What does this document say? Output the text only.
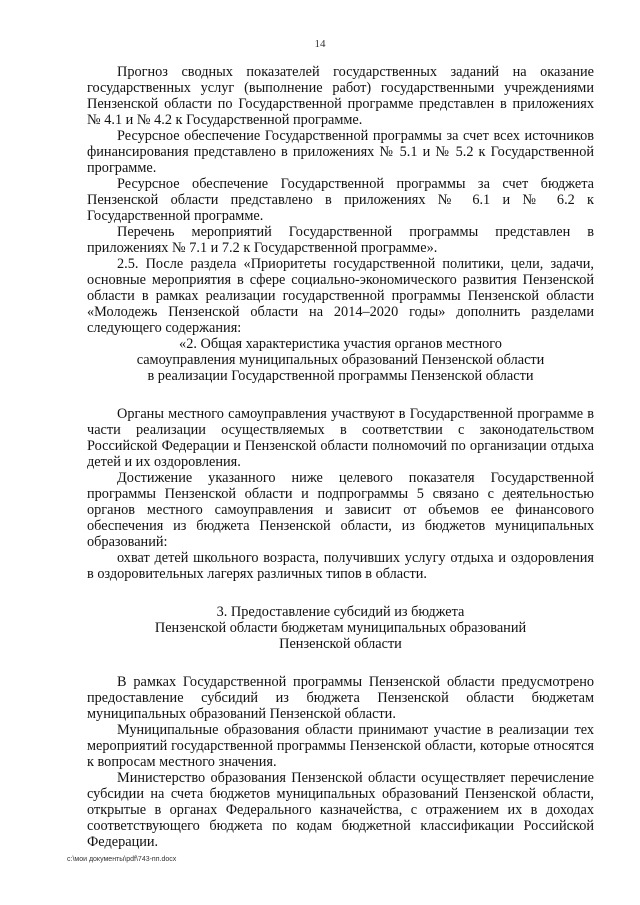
14

Прогноз сводных показателей государственных заданий на оказание государственных услуг (выполнение работ) государственными учреждениями Пензенской области по Государственной программе представлен в приложениях № 4.1 и № 4.2 к Государственной программе.

Ресурсное обеспечение Государственной программы за счет всех источников финансирования представлено в приложениях № 5.1 и № 5.2 к Государственной программе.

Ресурсное обеспечение Государственной программы за счет бюджета Пензенской области представлено в приложениях № 6.1 и № 6.2 к Государственной программе.

Перечень мероприятий Государственной программы представлен в приложениях № 7.1 и 7.2 к Государственной программе».

2.5. После раздела «Приоритеты государственной политики, цели, задачи, основные мероприятия в сфере социально-экономического развития Пензенской области в рамках реализации государственной программы Пензенской области «Молодежь Пензенской области на 2014–2020 годы» дополнить разделами следующего содержания:

«2. Общая характеристика участия органов местного

самоуправления муниципальных образований Пензенской области

в реализации Государственной программы Пензенской области

Органы местного самоуправления участвуют в Государственной программе в части реализации осуществляемых в соответствии с законодательством Российской Федерации и Пензенской области полномочий по организации отдыха детей и их оздоровления.

Достижение указанного ниже целевого показателя Государственной программы Пензенской области и подпрограммы 5 связано с деятельностью органов местного самоуправления и зависит от объемов ее финансового обеспечения из бюджета Пензенской области, из бюджетов муниципальных образований:

охват детей школьного возраста, получивших услугу отдыха и оздоровления в оздоровительных лагерях различных типов в области.

3. Предоставление субсидий из бюджета

Пензенской области бюджетам муниципальных образований

Пензенской области

В рамках Государственной программы Пензенской области предусмотрено предоставление субсидий из бюджета Пензенской области бюджетам муниципальных образований Пензенской области.

Муниципальные образования области принимают участие в реализации тех мероприятий государственной программы Пензенской области, которые относятся к вопросам местного значения.

Министерство образования Пензенской области осуществляет перечисление субсидии на счета бюджетов муниципальных образований Пензенской области, открытые в органах Федерального казначейства, с отражением их в доходах соответствующего бюджета по кодам бюджетной классификации Российской Федерации.

c:\мои документы\pdf\743-пп.docx
